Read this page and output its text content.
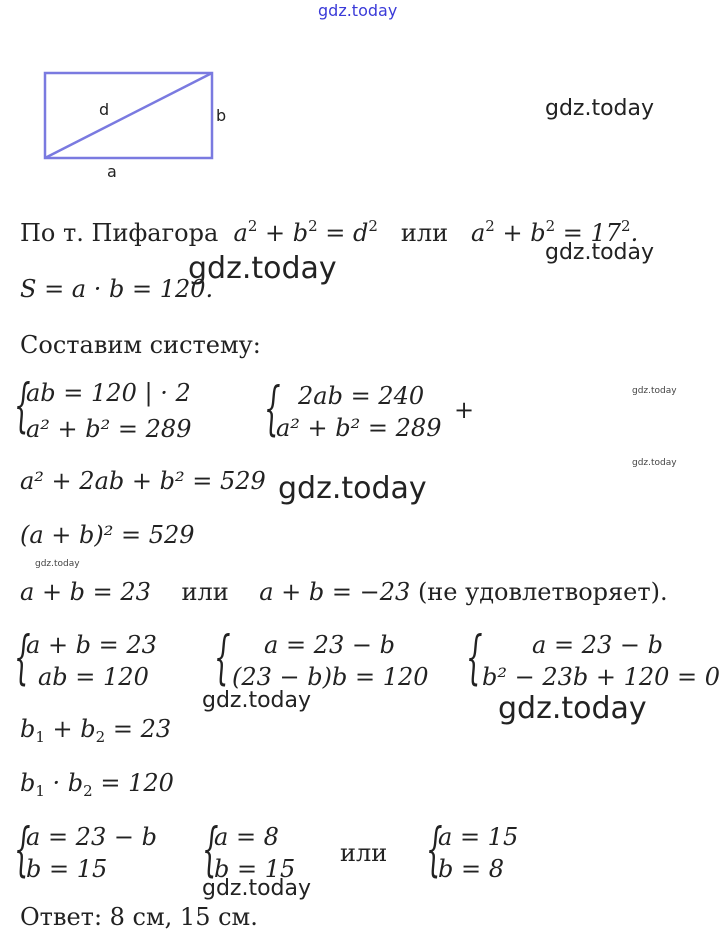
gdz.today
gdz.today
gdz.today
gdz.today
gdz.today
gdz.today
gdz.today
gdz.today
gdz.today	gdz.today
gdz.today
d	b
a
По т. Пифагора  $a^2 + b^2 = d^2$ или $a^2 + b^2 = 17^2$.
S = a · b = 120.
Составим систему:
{
ab = 120 | · 2
a² + b² = 289 { 2ab = 240
a² + b² = 289
+
a² + 2ab + b² = 529
(a + b)² = 529
a + b = 23 или a + b = −23 (не удовлетворяет).
{
a + b = 23
ab = 120 { a = 23 − b
(23 − b)b = 120 { a = 23 − b
b² − 23b + 120 = 0
$b_1 + b_2 = 23$
$b_1 \cdot b_2 = 120$
{
a = 23 − b
b = 15 {
a = 8
b = 15
или {
a = 15
b = 8
Ответ: 8 см, 15 см.
